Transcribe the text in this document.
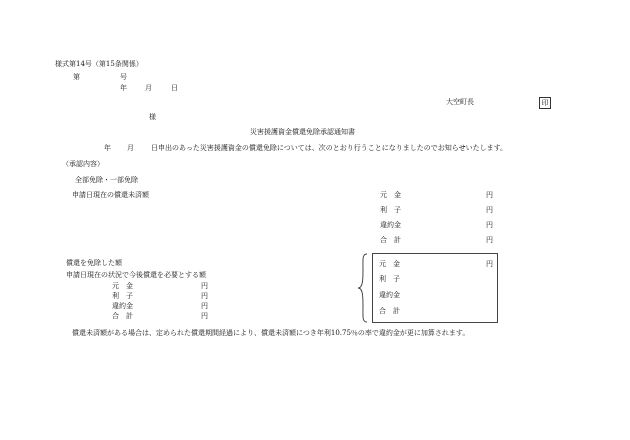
様式第14号（第15条関係）
第	号
年	月	日
大空町長	印
様
災害援護資金償還免除承認通知書
年 月 日申出のあった災害援護資金の償還免除については、次のとおり行うことになりましたのでお知らせいたします。
（承認内容）
全部免除・一部免除
申請日現在の償還未済額	元　金	円
利　子	円
違約金	円
合　計	円
償還を免除した額
申請日現在の状況で今後償還を必要とする額
元　金	円
利　子	円
違約金	円
合　計	円
元　金	円
利　子
違約金
合　計
償還未済額がある場合は、定められた償還期間経過により、償還未済額につき年利10.75％の率で違約金が更に加算されます。
